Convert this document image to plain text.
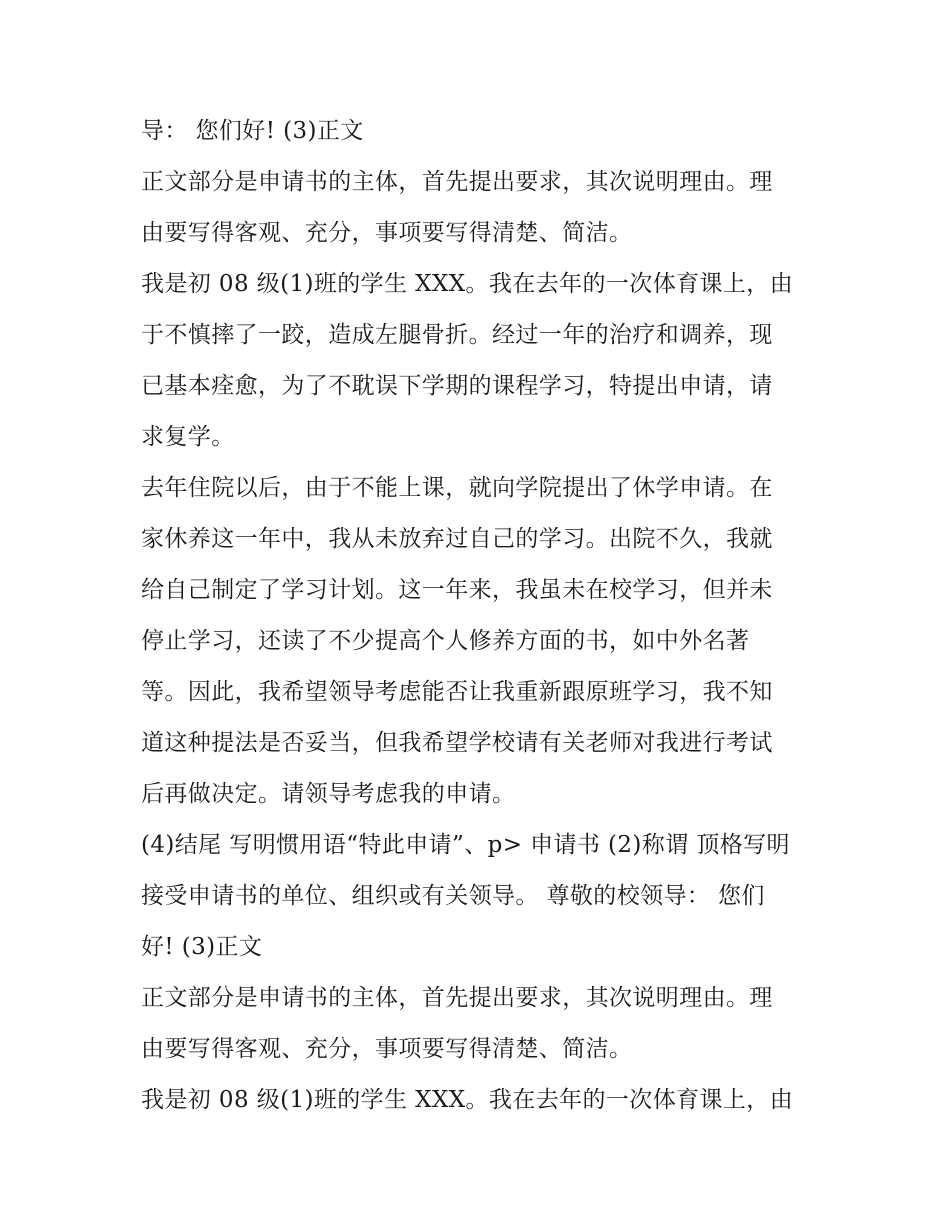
导： 您们好! (3)正文
正文部分是申请书的主体，首先提出要求，其次说明理由。理
由要写得客观、充分，事项要写得清楚、简洁。
我是初 08 级(1)班的学生 XXX。我在去年的一次体育课上，由
于不慎摔了一跤，造成左腿骨折。经过一年的治疗和调养，现
已基本痊愈，为了不耽误下学期的课程学习，特提出申请，请
求复学。
去年住院以后，由于不能上课，就向学院提出了休学申请。在
家休养这一年中，我从未放弃过自己的学习。出院不久，我就
给自己制定了学习计划。这一年来，我虽未在校学习，但并未
停止学习，还读了不少提高个人修养方面的书，如中外名著
等。因此，我希望领导考虑能否让我重新跟原班学习，我不知
道这种提法是否妥当，但我希望学校请有关老师对我进行考试
后再做决定。请领导考虑我的申请。
(4)结尾 写明惯用语“特此申请”、p> 申请书 (2)称谓 顶格写明
接受申请书的单位、组织或有关领导。 尊敬的校领导： 您们
好! (3)正文
正文部分是申请书的主体，首先提出要求，其次说明理由。理
由要写得客观、充分，事项要写得清楚、简洁。
我是初 08 级(1)班的学生 XXX。我在去年的一次体育课上，由
